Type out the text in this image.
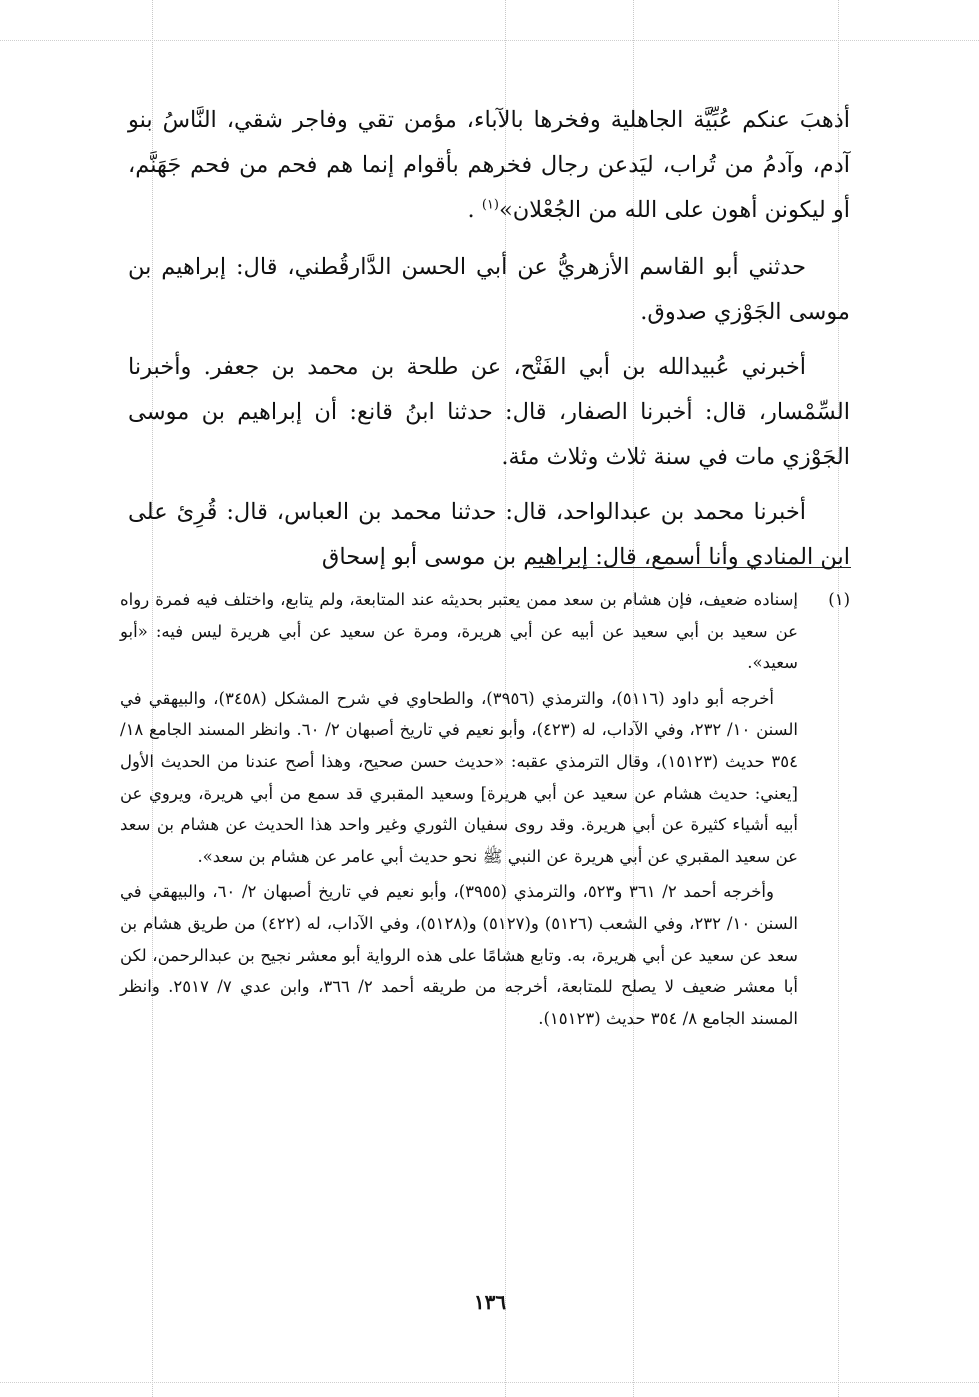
أذهبَ عنكم عُبِّيَّة الجاهلية وفخرها بالآباء، مؤمن تقي وفاجر شقي، النَّاسُ بنو آدم، وآدمُ من تُراب، ليَدعن رجال فخرهم بأقوام إنما هم فحم من فحم جَهَنَّم، أو ليكونن أهون على الله من الجُعْلان»$^{(١)}$ .

حدثني أبو القاسم الأزهريُّ عن أبي الحسن الدَّارقُطني، قال: إبراهيم بن موسى الجَوْزي صدوق.

أخبرني عُبيدالله بن أبي الفَتْح، عن طلحة بن محمد بن جعفر. وأخبرنا السِّمْسار، قال: أخبرنا الصفار، قال: حدثنا ابنُ قانع: أن إبراهيم بن موسى الجَوْزي مات في سنة ثلاث وثلاث مئة.

أخبرنا محمد بن عبدالواحد، قال: حدثنا محمد بن العباس، قال: قُرِئ على ابن المنادي وأنا أسمع، قال: إبراهيم بن موسى أبو إسحاق

(١)

إسناده ضعيف، فإن هشام بن سعد ممن يعتبر بحديثه عند المتابعة، ولم يتابع، واختلف فيه فمرة رواه عن سعيد بن أبي سعيد عن أبيه عن أبي هريرة، ومرة عن سعيد عن أبي هريرة ليس فيه: «أبو سعيد».

أخرجه أبو داود (٥١١٦)، والترمذي (٣٩٥٦)، والطحاوي في شرح المشكل (٣٤٥٨)، والبيهقي في السنن ١٠/ ٢٣٢، وفي الآداب، له (٤٢٣)، وأبو نعيم في تاريخ أصبهان ٢/ ٦٠. وانظر المسند الجامع ١٨/ ٣٥٤ حديث (١٥١٢٣)، وقال الترمذي عقبه: «حديث حسن صحيح، وهذا أصح عندنا من الحديث الأول [يعني: حديث هشام عن سعيد عن أبي هريرة] وسعيد المقبري قد سمع من أبي هريرة، ويروي عن أبيه أشياء كثيرة عن أبي هريرة. وقد روى سفيان الثوري وغير واحد هذا الحديث عن هشام بن سعد عن سعيد المقبري عن أبي هريرة عن النبي ﷺ نحو حديث أبي عامر عن هشام بن سعد».

وأخرجه أحمد ٢/ ٣٦١ و٥٢٣، والترمذي (٣٩٥٥)، وأبو نعيم في تاريخ أصبهان ٢/ ٦٠، والبيهقي في السنن ١٠/ ٢٣٢، وفي الشعب (٥١٢٦) و(٥١٢٧) و(٥١٢٨)، وفي الآداب، له (٤٢٢) من طريق هشام بن سعد عن سعيد عن أبي هريرة، به. وتابع هشامًا على هذه الرواية أبو معشر نجيح بن عبدالرحمن، لكن أبا معشر ضعيف لا يصلح للمتابعة، أخرجه من طريقه أحمد ٢/ ٣٦٦، وابن عدي ٧/ ٢٥١٧. وانظر المسند الجامع ٨/ ٣٥٤ حديث (١٥١٢٣).

١٣٦
